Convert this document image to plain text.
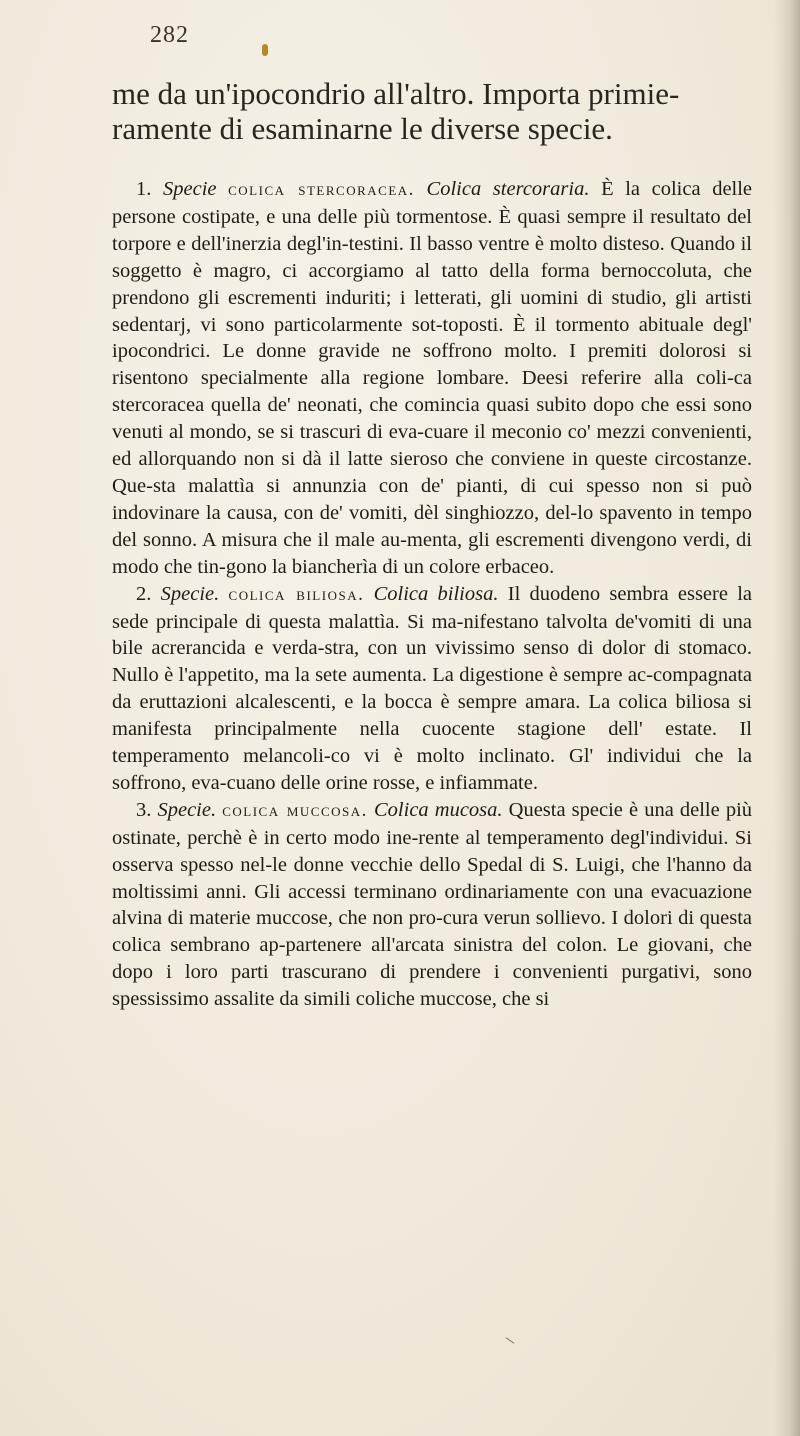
282
me da un'ipocondrio all'altro. Importa primie-ramente di esaminarne le diverse specie.

1. Specie colica stercoracea. Colica stercoraria. È la colica delle persone costipate, e una delle più tormentose. È quasi sempre il resultato del torpore e dell'inerzia degl'in-testini. Il basso ventre è molto disteso. Quando il soggetto è magro, ci accorgiamo al tatto della forma bernoccoluta, che prendono gli escrementi induriti; i letterati, gli uomini di studio, gli artisti sedentarj, vi sono particolarmente sot-toposti. È il tormento abituale degl' ipocondrici. Le donne gravide ne soffrono molto. I premiti dolorosi si risentono specialmente alla regione lombare. Deesi referire alla coli-ca stercoracea quella de' neonati, che comincia quasi subito dopo che essi sono venuti al mondo, se si trascuri di eva-cuare il meconio co' mezzi convenienti, ed allorquando non si dà il latte sieroso che conviene in queste circostanze. Que-sta malattìa si annunzia con de' pianti, di cui spesso non si può indovinare la causa, con de' vomiti, dèl singhiozzo, del-lo spavento in tempo del sonno. A misura che il male au-menta, gli escrementi divengono verdi, di modo che tin-gono la biancherìa di un colore erbaceo.

2. Specie. colica biliosa. Colica biliosa. Il duodeno sembra essere la sede principale di questa malattìa. Si ma-nifestano talvolta de'vomiti di una bile acrerancida e verda-stra, con un vivissimo senso di dolor di stomaco. Nullo è l'appetito, ma la sete aumenta. La digestione è sempre ac-compagnata da eruttazioni alcalescenti, e la bocca è sempre amara. La colica biliosa si manifesta principalmente nella cuocente stagione dell' estate. Il temperamento melancoli-co vi è molto inclinato. Gl' individui che la soffrono, eva-cuano delle orine rosse, e infiammate.

3. Specie. colica muccosa. Colica mucosa. Questa specie è una delle più ostinate, perchè è in certo modo ine-rente al temperamento degl'individui. Si osserva spesso nel-le donne vecchie dello Spedal di S. Luigi, che l'hanno da moltissimi anni. Gli accessi terminano ordinariamente con una evacuazione alvina di materie muccose, che non pro-cura verun sollievo. I dolori di questa colica sembrano ap-partenere all'arcata sinistra del colon. Le giovani, che dopo i loro parti trascurano di prendere i convenienti purgativi, sono spessissimo assalite da simili coliche muccose, che si
